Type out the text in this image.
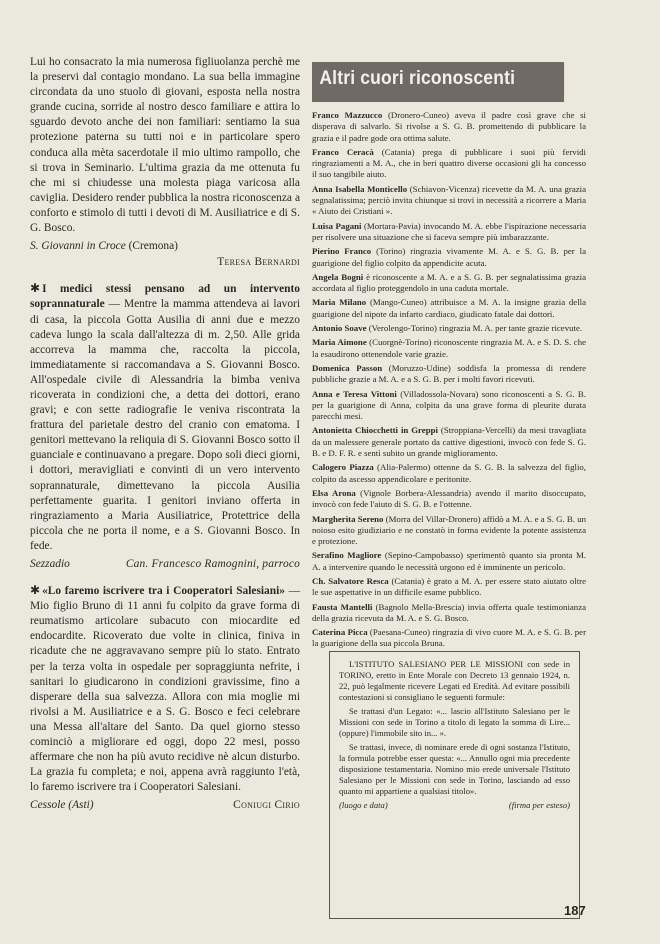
Lui ho consacrato la mia numerosa figliuolanza perchè me la preservi dal contagio mondano. La sua bella immagine circondata da uno stuolo di giovani, esposta nella nostra grande cucina, sorride al nostro desco familiare e attira lo sguardo devoto anche dei non familiari: sentiamo la sua protezione paterna su tutti noi e in particolare spero conduca alla mèta sacerdotale il mio ultimo rampollo, che si trova in Seminario. L'ultima grazia da me ottenuta fu che mi si chiudesse una molesta piaga varicosa alla caviglia. Desidero render pubblica la nostra riconoscenza a conforto e stimolo di tutti i devoti di M. Ausiliatrice e di S. G. Bosco.

S. Giovanni in Croce (Cremona)
Teresa Bernardi

✱ I medici stessi pensano ad un intervento soprannaturale — Mentre la mamma attendeva ai lavori di casa, la piccola Gotta Ausilia di anni due e mezzo cadeva lungo la scala dall'altezza di m. 2,50. Alle grida accorreva la mamma che, raccolta la piccola, immediatamente si raccomandava a S. Giovanni Bosco. All'ospedale civile di Alessandria la bimba veniva ricoverata in condizioni che, a detta dei dottori, erano gravi; e con sette radiografie le veniva riscontrata la frattura del parietale destro del cranio con ematoma. I genitori mettevano la reliquia di S. Giovanni Bosco sotto il guanciale e continuavano a pregare. Dopo soli dieci giorni, i dottori, meravigliati e convinti di un vero intervento soprannaturale, dimettevano la piccola Ausilia perfettamente guarita. I genitori inviano offerta in ringraziamento a Maria Ausiliatrice, Protettrice della piccola che ne porta il nome, e a S. Giovanni Bosco. In fede.

Sezzadio	Can. Francesco Ramognini, parroco

✱ «Lo faremo iscrivere tra i Cooperatori Salesiani» — Mio figlio Bruno di 11 anni fu colpito da grave forma di reumatismo articolare subacuto con miocardite ed endocardite. Ricoverato due volte in clinica, finiva in ricadute che ne aggravavano sempre più lo stato. Entrato per la terza volta in ospedale per sopraggiunta nefrite, i sanitari lo giudicarono in condizioni gravissime, fino a disperare della sua salvezza. Allora con mia moglie mi rivolsi a M. Ausiliatrice e a S. G. Bosco e feci celebrare una Messa all'altare del Santo. Da quel giorno stesso cominciò a migliorare ed oggi, dopo 22 mesi, posso affermare che non ha più avuto recidive nè alcun disturbo. La grazia fu completa; e noi, appena avrà raggiunto l'età, lo faremo iscrivere tra i Cooperatori Salesiani.

Cessole (Asti)	Coniugi Cirio
Altri cuori riconoscenti

Franco Mazzucco (Dronero-Cuneo) aveva il padre così grave che si disperava di salvarlo. Si rivolse a S. G. B. promettendo di pubblicare la grazia e il padre gode ora ottima salute.

Franco Ceracà (Catania) prega di pubblicare i suoi più fervidi ringraziamenti a M. A., che in beri quattro diverse occasioni gli ha concesso il suo tangibile aiuto.

Anna Isabella Monticello (Schiavon-Vicenza) ricevette da M. A. una grazia segnalatissima; perciò invita chiunque si trovi in necessità a ricorrere a Maria « Aiuto dei Cristiani ».

Luisa Pagani (Mortara-Pavia) invocando M. A. ebbe l'ispirazione necessaria per risolvere una situazione che si faceva sempre più imbarazzante.

Pierino Franco (Torino) ringrazia vivamente M. A. e S. G. B. per la guarigione del figlio colpito da appendicite acuta.

Angela Bogni è riconoscente a M. A. e a S. G. B. per segnalatissima grazia accordata al figlio proteggendolo in una caduta mortale.

Maria Milano (Mango-Cuneo) attribuisce a M. A. la insigne grazia della guarigione del nipote da infarto cardiaco, giudicato fatale dai dottori.

Antonio Soave (Verolengo-Torino) ringrazia M. A. per tante grazie ricevute.

Maria Aimone (Cuorgnè-Torino) riconoscente ringrazia M. A. e S. D. S. che la esaudirono ottenendole varie grazie.

Domenica Passon (Moruzzo-Udine) soddisfa la promessa di rendere pubbliche grazie a M. A. e a S. G. B. per i molti favori ricevuti.

Anna e Teresa Vittoni (Villadossola-Novara) sono riconoscenti a S. G. B. per la guarigione di Anna, colpita da una grave forma di pleurite durata parecchi mesi.

Antonietta Chiocchetti in Greppi (Stroppiana-Vercelli) da mesi travagliata da un malessere generale portato da cattive digestioni, invocò con fede S. G. B. e D. F. R. e sentì subito un grande miglioramento.

Calogero Piazza (Alia-Palermo) ottenne da S. G. B. la salvezza del figlio, colpito da ascesso appendicolare e peritonite.

Elsa Arona (Vignole Borbera-Alessandria) avendo il marito disoccupato, invocò con fede l'aiuto di S. G. B. e l'ottenne.

Margherita Sereno (Morra del Villar-Dronero) affidò a M. A. e a S. G. B. un noioso esito giudiziario e ne constatò in forma evidente la potente assistenza e protezione.

Serafino Magliore (Sepino-Campobasso) sperimentò quanto sia pronta M. A. a intervenire quando le necessità urgono ed è imminente un pericolo.

Ch. Salvatore Resca (Catania) è grato a M. A. per essere stato aiutato oltre le sue aspettative in un difficile esame pubblico.

Fausta Mantelli (Bagnolo Mella-Brescia) invia offerta quale testimonianza della grazia ricevuta da M. A. e S. G. Bosco.

Caterina Picca (Paesana-Cuneo) ringrazia di vivo cuore M. A. e S. G. B. per la guarigione della sua piccola Bruna.

L'ISTITUTO SALESIANO PER LE MISSIONI con sede in TORINO, eretto in Ente Morale con Decreto 13 gennaio 1924, n. 22, può legalmente ricevere Legati ed Eredità. Ad evitare possibili contestazioni si consigliano le seguenti formule:

Se trattasi d'un Legato: «... lascio all'Istituto Salesiano per le Missioni con sede in Torino a titolo di legato la somma di Lire... (oppure) l'immobile sito in... ».

Se trattasi, invece, di nominare erede di ogni sostanza l'Istituto, la formula potrebbe esser questa: «... Annullo ogni mia precedente disposizione testamentaria. Nomino mio erede universale l'Istituto Salesiano per le Missioni con sede in Torino, lasciando ad esso quanto mi appartiene a qualsiasi titolo».

(luogo e data)	(firma per esteso)
187
